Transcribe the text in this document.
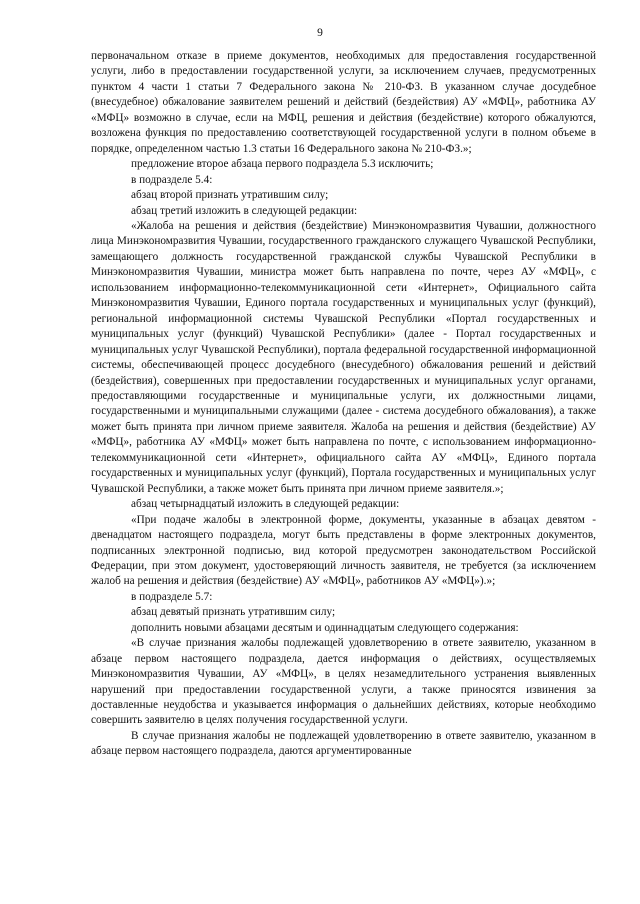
9

первоначальном отказе в приеме документов, необходимых для предоставления государственной услуги, либо в предоставлении государственной услуги, за исключением случаев, предусмотренных пунктом 4 части 1 статьи 7 Федерального закона № 210-ФЗ. В указанном случае досудебное (внесудебное) обжалование заявителем решений и действий (бездействия) АУ «МФЦ», работника АУ «МФЦ» возможно в случае, если на МФЦ, решения и действия (бездействие) которого обжалуются, возложена функция по предоставлению соответствующей государственной услуги в полном объеме в порядке, определенном частью 1.3 статьи 16 Федерального закона № 210-ФЗ.»;

предложение второе абзаца первого подраздела 5.3 исключить;

в подразделе 5.4:

абзац второй признать утратившим силу;

абзац третий изложить в следующей редакции:

«Жалоба на решения и действия (бездействие) Минэкономразвития Чувашии, должностного лица Минэкономразвития Чувашии, государственного гражданского служащего Чувашской Республики, замещающего должность государственной гражданской службы Чувашской Республики в Минэкономразвития Чувашии, министра может быть направлена по почте, через АУ «МФЦ», с использованием информационно-телекоммуникационной сети «Интернет», Официального сайта Минэкономразвития Чувашии, Единого портала государственных и муниципальных услуг (функций), региональной информационной системы Чувашской Республики «Портал государственных и муниципальных услуг (функций) Чувашской Республики» (далее - Портал государственных и муниципальных услуг Чувашской Республики), портала федеральной государственной информационной системы, обеспечивающей процесс досудебного (внесудебного) обжалования решений и действий (бездействия), совершенных при предоставлении государственных и муниципальных услуг органами, предоставляющими государственные и муниципальные услуги, их должностными лицами, государственными и муниципальными служащими (далее - система досудебного обжалования), а также может быть принята при личном приеме заявителя. Жалоба на решения и действия (бездействие) АУ «МФЦ», работника АУ «МФЦ» может быть направлена по почте, с использованием информационно-телекоммуникационной сети «Интернет», официального сайта АУ «МФЦ», Единого портала государственных и муниципальных услуг (функций), Портала государственных и муниципальных услуг Чувашской Республики, а также может быть принята при личном приеме заявителя.»;

абзац четырнадцатый изложить в следующей редакции:

«При подаче жалобы в электронной форме, документы, указанные в абзацах девятом - двенадцатом настоящего подраздела, могут быть представлены в форме электронных документов, подписанных электронной подписью, вид которой предусмотрен законодательством Российской Федерации, при этом документ, удостоверяющий личность заявителя, не требуется (за исключением жалоб на решения и действия (бездействие) АУ «МФЦ», работников АУ «МФЦ»).»;

в подразделе 5.7:

абзац девятый признать утратившим силу;

дополнить новыми абзацами десятым и одиннадцатым следующего содержания:

«В случае признания жалобы подлежащей удовлетворению в ответе заявителю, указанном в абзаце первом настоящего подраздела, дается информация о действиях, осуществляемых Минэкономразвития Чувашии, АУ «МФЦ», в целях незамедлительного устранения выявленных нарушений при предоставлении государственной услуги, а также приносятся извинения за доставленные неудобства и указывается информация о дальнейших действиях, которые необходимо совершить заявителю в целях получения государственной услуги.

В случае признания жалобы не подлежащей удовлетворению в ответе заявителю, указанном в абзаце первом настоящего подраздела, даются аргументированные
